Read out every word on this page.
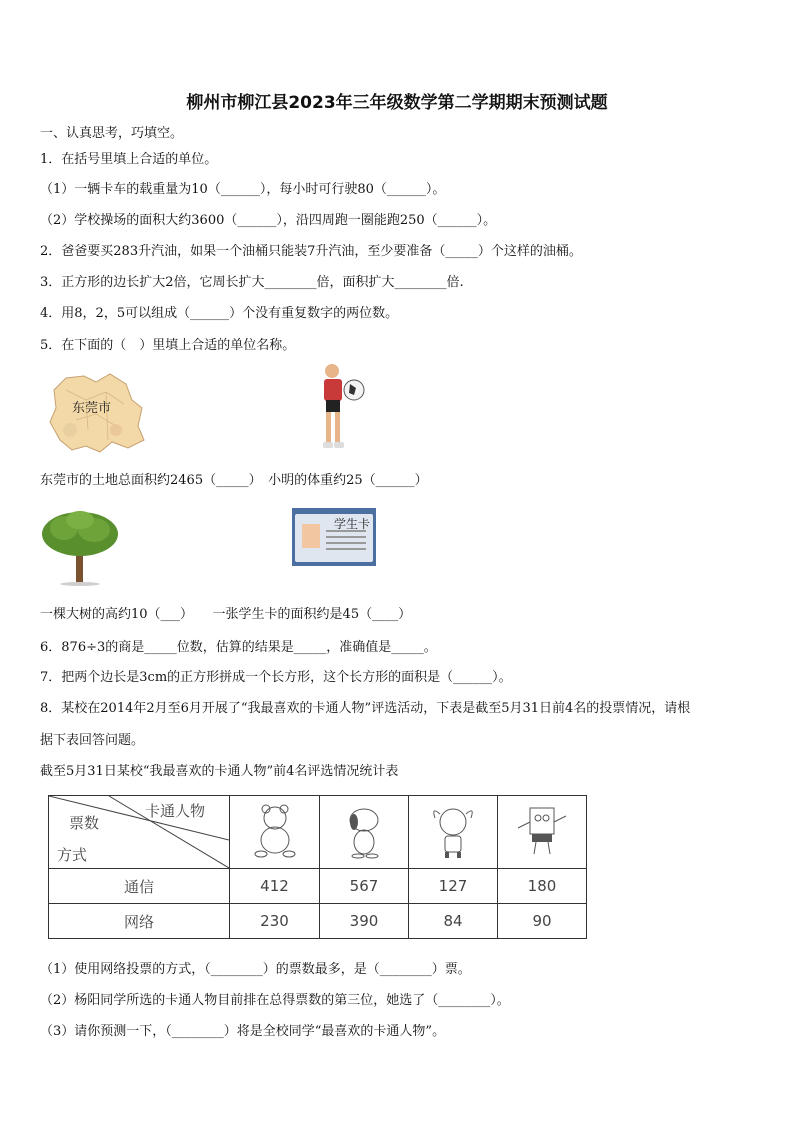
柳州市柳江县2023年三年级数学第二学期期末预测试题
一、认真思考，巧填空。
1．在括号里填上合适的单位。
（1）一辆卡车的载重量为10（______），每小时可行驶80（______）。
（2）学校操场的面积大约3600（______），沿四周跑一圈能跑250（______）。
2．爸爸要买283升汽油，如果一个油桶只能装7升汽油，至少要准备（_____）个这样的油桶。
3．正方形的边长扩大2倍，它周长扩大________倍，面积扩大________倍.
4．用8，2，5可以组成（______）个没有重复数字的两位数。
5．在下面的（　）里填上合适的单位名称。
东莞市
东莞市的土地总面积约2465（_____）　小明的体重约25（______）
学生卡
一棵大树的高约10（___）　　一张学生卡的面积约是45（____）
6．876÷3的商是_____位数，估算的结果是_____，准确值是_____。
7．把两个边长是3cm的正方形拼成一个长方形，这个长方形的面积是（______）。
8．某校在2014年2月至6月开展了“我最喜欢的卡通人物”评选活动，下表是截至5月31日前4名的投票情况，请根
据下表回答问题。
截至5月31日某校“我最喜欢的卡通人物”前4名评选情况统计表
卡通人物
票数
方式

通信	412	567	127	180
网络	230	390	84	90
（1）使用网络投票的方式，（________）的票数最多，是（________）票。
（2）杨阳同学所选的卡通人物目前排在总得票数的第三位，她选了（________）。
（3）请你预测一下，（________）将是全校同学“最喜欢的卡通人物”。
